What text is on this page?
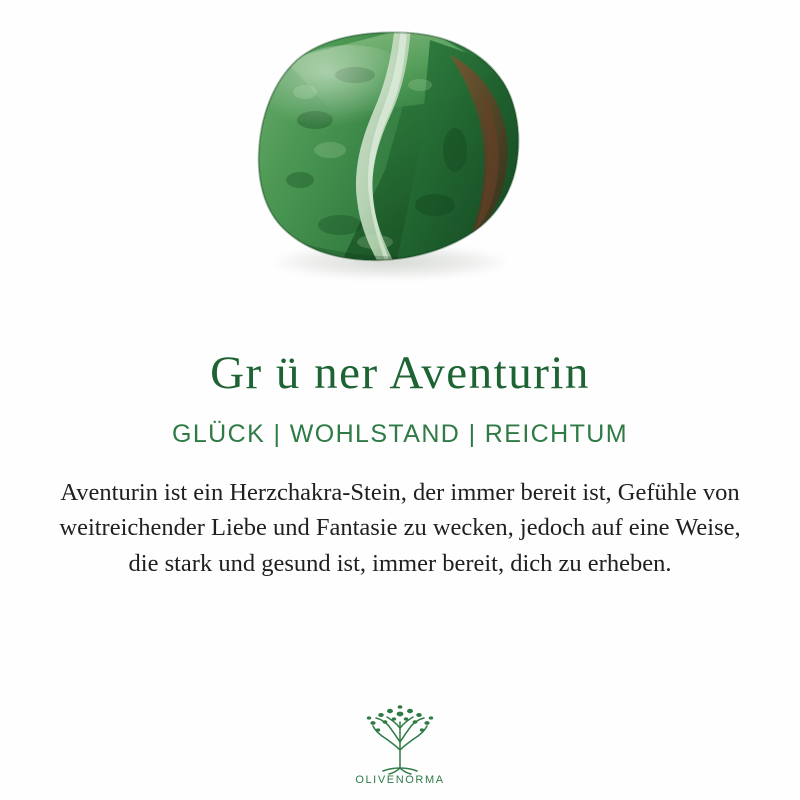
Gr ü ner Aventurin
GLÜCK | WOHLSTAND | REICHTUM
Aventurin ist ein Herzchakra-Stein, der immer bereit ist, Gefühle von weitreichender Liebe und Fantasie zu wecken, jedoch auf eine Weise, die stark und gesund ist, immer bereit, dich zu erheben.
OLIVENORMA
